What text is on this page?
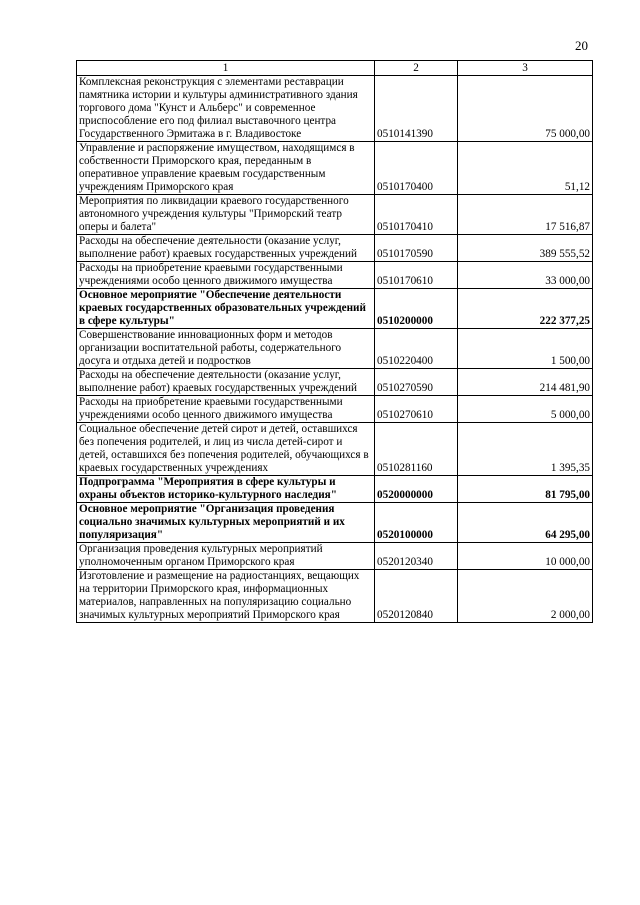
20
1	2	3
Комплексная реконструкция с элементами реставрации памятника истории и культуры административного здания торгового дома "Кунст и Альберс" и современное приспособление его под филиал выставочного центра Государственного Эрмитажа в г. Владивостоке	0510141390	75 000,00
Управление и распоряжение имуществом, находящимся в собственности Приморского края, переданным в оперативное управление краевым государственным учреждениям Приморского края	0510170400	51,12
Мероприятия по ликвидации краевого государственного автономного учреждения культуры "Приморский театр оперы и балета"	0510170410	17 516,87
Расходы на обеспечение деятельности (оказание услуг, выполнение работ) краевых государственных учреждений	0510170590	389 555,52
Расходы на приобретение краевыми государственными учреждениями особо ценного движимого имущества	0510170610	33 000,00
Основное мероприятие "Обеспечение деятельности краевых государственных образовательных учреждений в сфере культуры"	0510200000	222 377,25
Совершенствование инновационных форм и методов организации воспитательной работы, содержательного досуга и отдыха детей и подростков	0510220400	1 500,00
Расходы на обеспечение деятельности (оказание услуг, выполнение работ) краевых государственных учреждений	0510270590	214 481,90
Расходы на приобретение краевыми государственными учреждениями особо ценного движимого имущества	0510270610	5 000,00
Социальное обеспечение детей сирот и детей, оставшихся без попечения родителей, и лиц из числа детей-сирот и детей, оставшихся без попечения родителей, обучающихся в краевых государственных учреждениях	0510281160	1 395,35
Подпрограмма "Мероприятия в сфере культуры и охраны объектов историко-культурного наследия"	0520000000	81 795,00
Основное мероприятие "Организация проведения социально значимых культурных мероприятий и их популяризация"	0520100000	64 295,00
Организация проведения культурных мероприятий уполномоченным органом Приморского края	0520120340	10 000,00
Изготовление и размещение на радиостанциях, вещающих на территории Приморского края, информационных материалов, направленных на популяризацию социально значимых культурных мероприятий Приморского края	0520120840	2 000,00
